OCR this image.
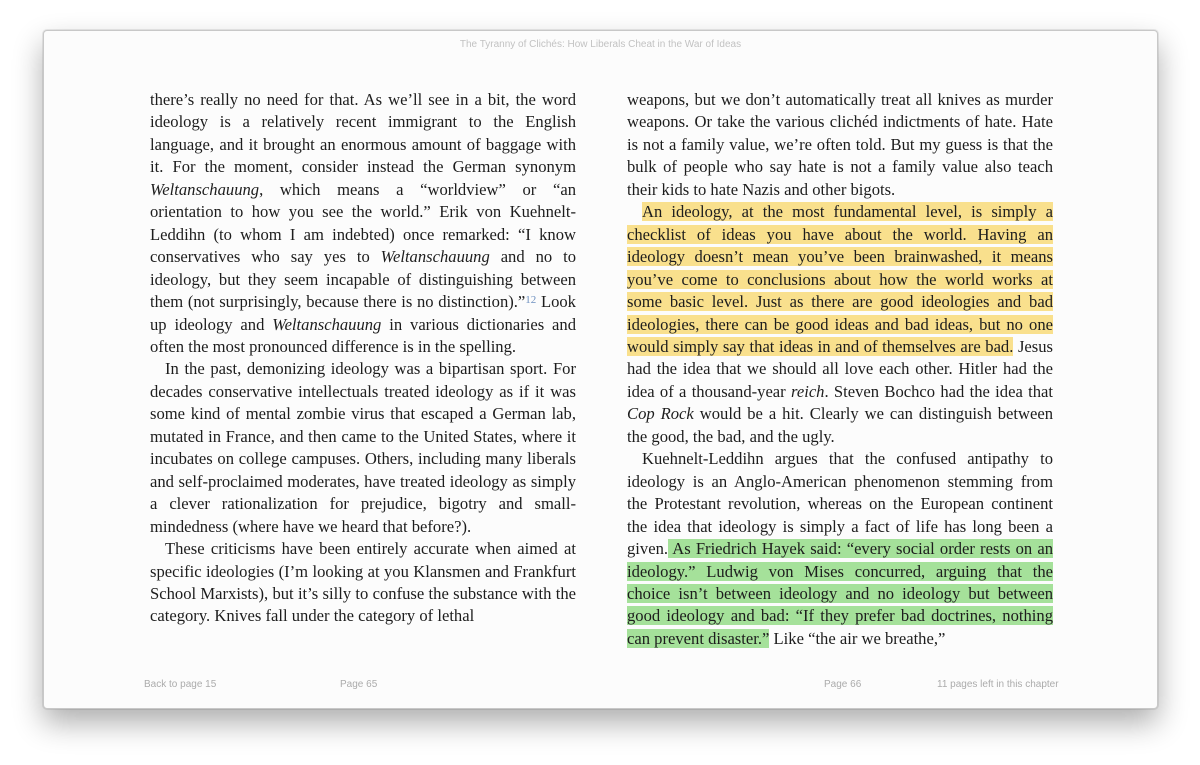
The Tyranny of Clichés: How Liberals Cheat in the War of Ideas

there’s really no need for that. As we’ll see in a bit, the word ideology is a relatively recent immigrant to the English language, and it brought an enormous amount of baggage with it. For the moment, consider instead the German synonym Weltanschauung, which means a “worldview” or “an orientation to how you see the world.” Erik von Kuehnelt-Leddihn (to whom I am indebted) once remarked: “I know conservatives who say yes to Weltanschauung and no to ideology, but they seem incapable of distinguishing between them (not surprisingly, because there is no distinction).”$^{12}$ Look up ideology and Weltanschauung in various dictionaries and often the most pronounced difference is in the spelling.

In the past, demonizing ideology was a bipartisan sport. For decades conservative intellectuals treated ideology as if it was some kind of mental zombie virus that escaped a German lab, mutated in France, and then came to the United States, where it incubates on college campuses. Others, including many liberals and self-proclaimed moderates, have treated ideology as simply a clever rationalization for prejudice, bigotry and small-mindedness (where have we heard that before?).

These criticisms have been entirely accurate when aimed at specific ideologies (I’m looking at you Klansmen and Frankfurt School Marxists), but it’s silly to confuse the substance with the category. Knives fall under the category of lethal

weapons, but we don’t automatically treat all knives as murder weapons. Or take the various clichéd indictments of hate. Hate is not a family value, we’re often told. But my guess is that the bulk of people who say hate is not a family value also teach their kids to hate Nazis and other bigots.

An ideology, at the most fundamental level, is simply a checklist of ideas you have about the world. Having an ideology doesn’t mean you’ve been brainwashed, it means you’ve come to conclusions about how the world works at some basic level. Just as there are good ideologies and bad ideologies, there can be good ideas and bad ideas, but no one would simply say that ideas in and of themselves are bad. Jesus had the idea that we should all love each other. Hitler had the idea of a thousand-year reich. Steven Bochco had the idea that Cop Rock would be a hit. Clearly we can distinguish between the good, the bad, and the ugly.

Kuehnelt-Leddihn argues that the confused antipathy to ideology is an Anglo-American phenomenon stemming from the Protestant revolution, whereas on the European continent the idea that ideology is simply a fact of life has long been a given. As Friedrich Hayek said: “every social order rests on an ideology.” Ludwig von Mises concurred, arguing that the choice isn’t between ideology and no ideology but between good ideology and bad: “If they prefer bad doctrines, nothing can prevent disaster.” Like “the air we breathe,”

Back to page 15	Page 65	Page 66	11 pages left in this chapter
